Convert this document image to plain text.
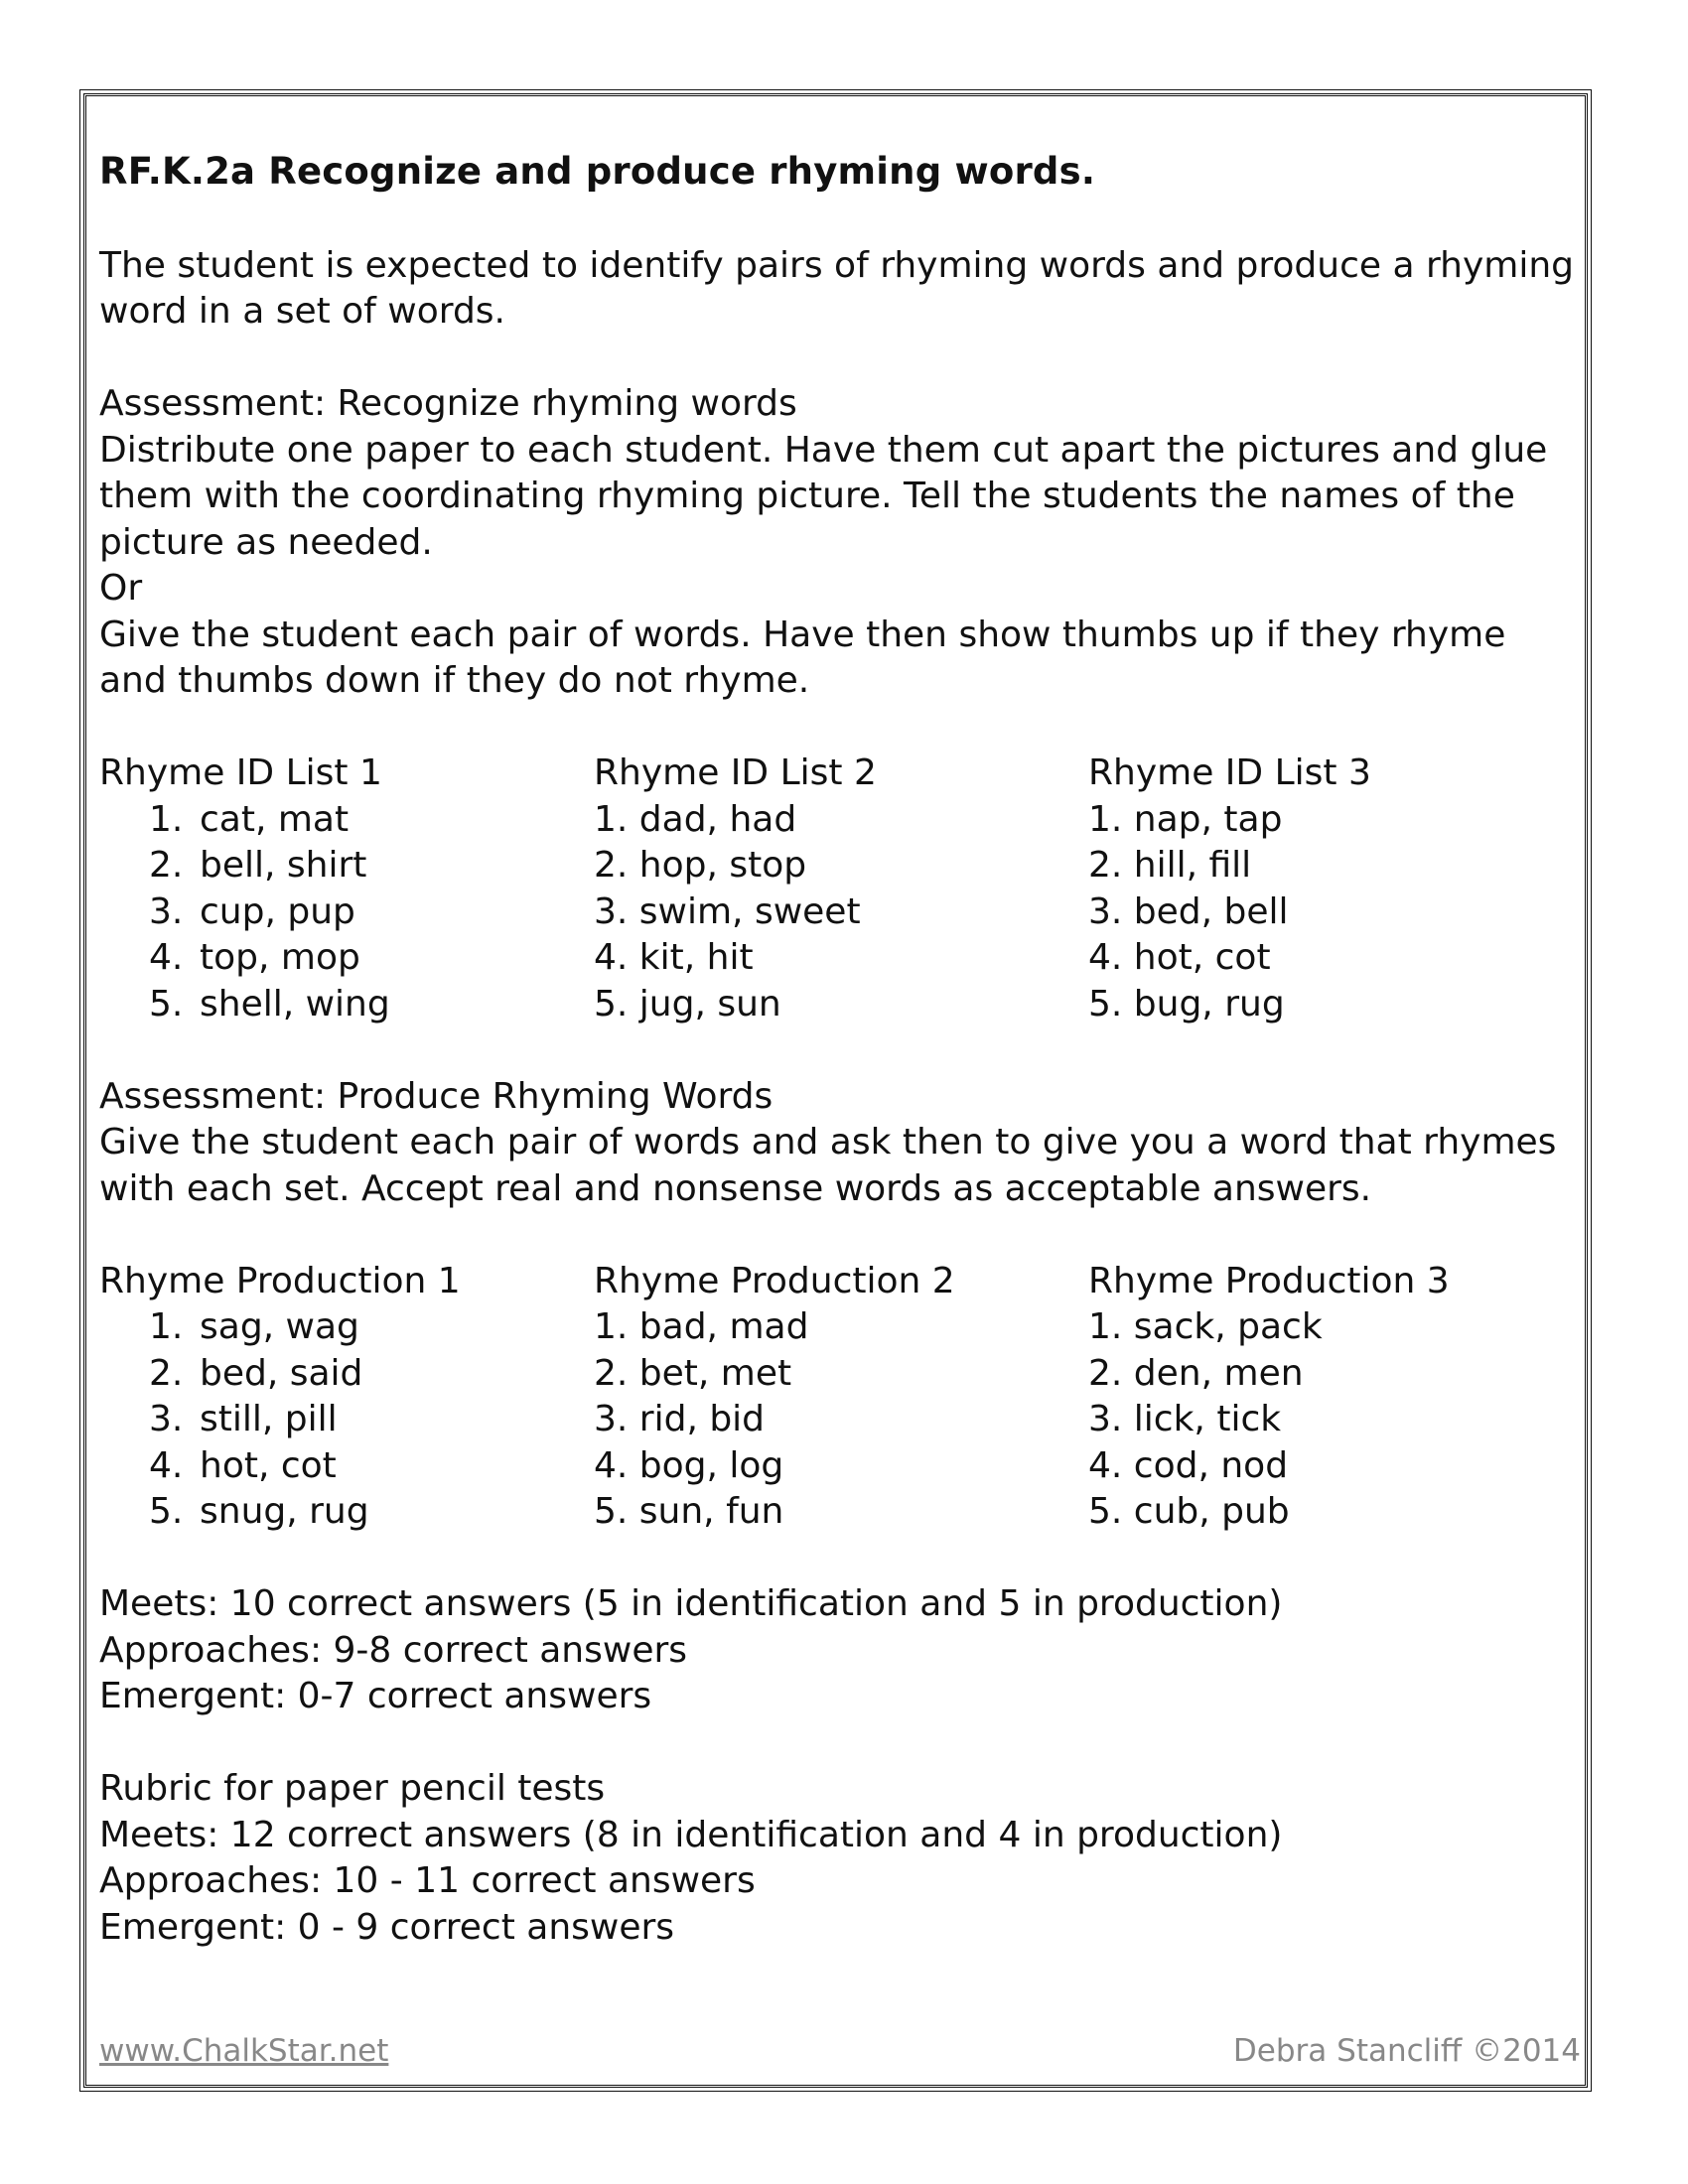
RF.K.2a Recognize and produce rhyming words.

The student is expected to identify pairs of rhyming words and produce a rhyming

word in a set of words.

Assessment: Recognize rhyming words

Distribute one paper to each student. Have them cut apart the pictures and glue

them with the coordinating rhyming picture. Tell the students the names of the

picture as needed.

Or

Give the student each pair of words. Have then show thumbs up if they rhyme

and thumbs down if they do not rhyme.

Rhyme ID List 1

1. cat, mat
2. bell, shirt
3. cup, pup
4. top, mop
5. shell, wing

Rhyme ID List 2

1. dad, had
2. hop, stop
3. swim, sweet
4. kit, hit
5. jug, sun

Rhyme ID List 3

1. nap, tap
2. hill, fill
3. bed, bell
4. hot, cot
5. bug, rug

Assessment: Produce Rhyming Words

Give the student each pair of words and ask then to give you a word that rhymes

with each set. Accept real and nonsense words as acceptable answers.

Rhyme Production 1

1. sag, wag
2. bed, said
3. still, pill
4. hot, cot
5. snug, rug

Rhyme Production 2

1. bad, mad
2. bet, met
3. rid, bid
4. bog, log
5. sun, fun

Rhyme Production 3

1. sack, pack
2. den, men
3. lick, tick
4. cod, nod
5. cub, pub

Meets: 10 correct answers (5 in identification and 5 in production)

Approaches: 9-8 correct answers

Emergent: 0-7 correct answers

Rubric for paper pencil tests

Meets: 12 correct answers (8 in identification and 4 in production)

Approaches: 10 - 11 correct answers

Emergent: 0 - 9 correct answers

www.ChalkStar.net	Debra Stancliff ©2014
